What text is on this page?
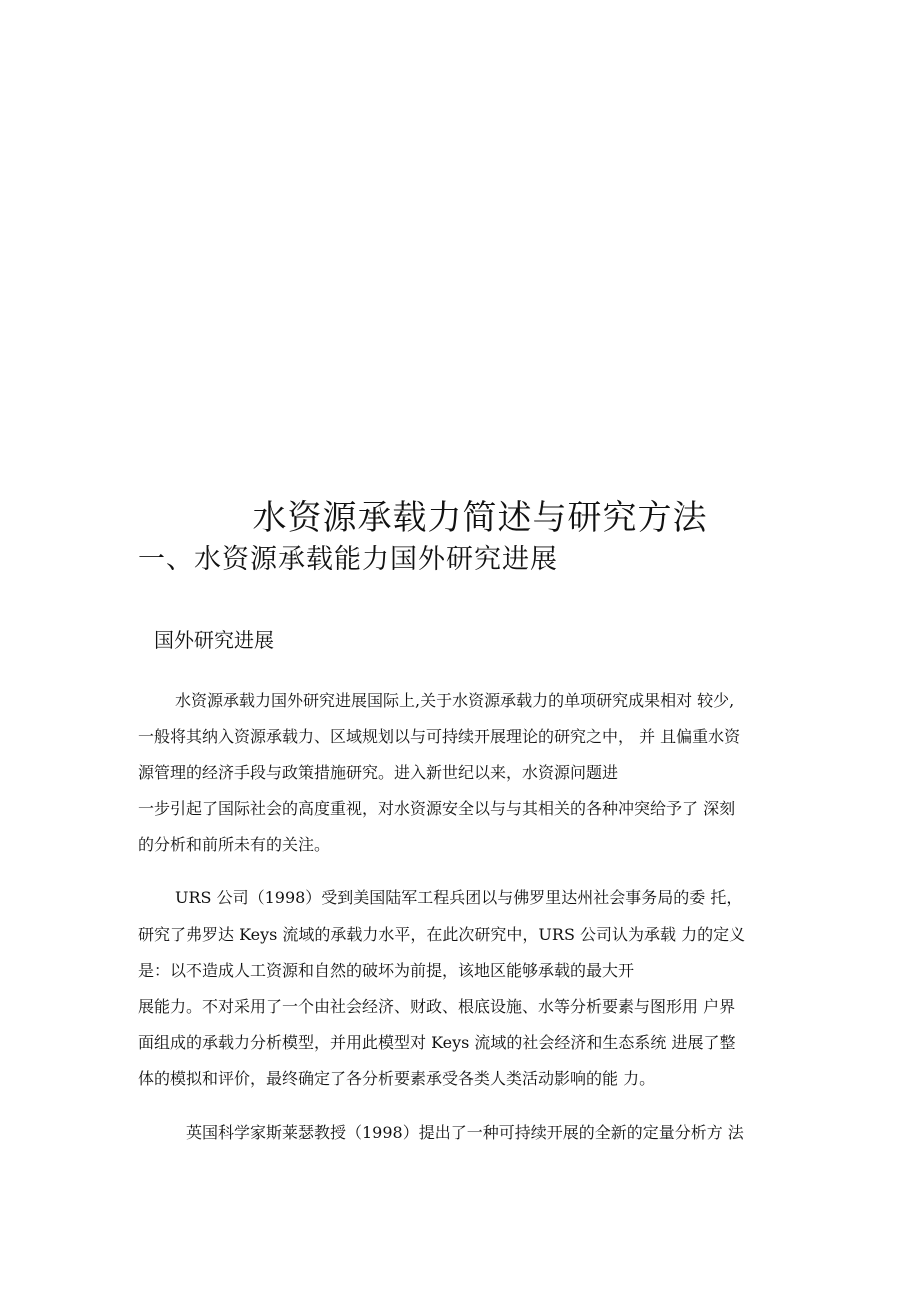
水资源承载力简述与研究方法
一、水资源承载能力国外研究进展
国外研究进展
水资源承载力国外研究进展国际上,关于水资源承载力的单项研究成果相对 较少,
一般将其纳入资源承载力、区域规划以与可持续开展理论的研究之中， 并 且偏重水资
源管理的经济手段与政策措施研究。进入新世纪以来，水资源问题进
一步引起了国际社会的高度重视，对水资源安全以与与其相关的各种冲突给予了 深刻
的分析和前所未有的关注。
URS 公司（1998）受到美国陆军工程兵团以与佛罗里达州社会事务局的委 托，
研究了弗罗达 Keys 流域的承载力水平，在此次研究中，URS 公司认为承载 力的定义
是：以不造成人工资源和自然的破坏为前提，该地区能够承载的最大开
展能力。不对采用了一个由社会经济、财政、根底设施、水等分析要素与图形用 户界
面组成的承载力分析模型，并用此模型对 Keys 流域的社会经济和生态系统 进展了整
体的模拟和评价，最终确定了各分析要素承受各类人类活动影响的能 力。
英国科学家斯莱瑟教授（1998）提出了一种可持续开展的全新的定量分析方 法
